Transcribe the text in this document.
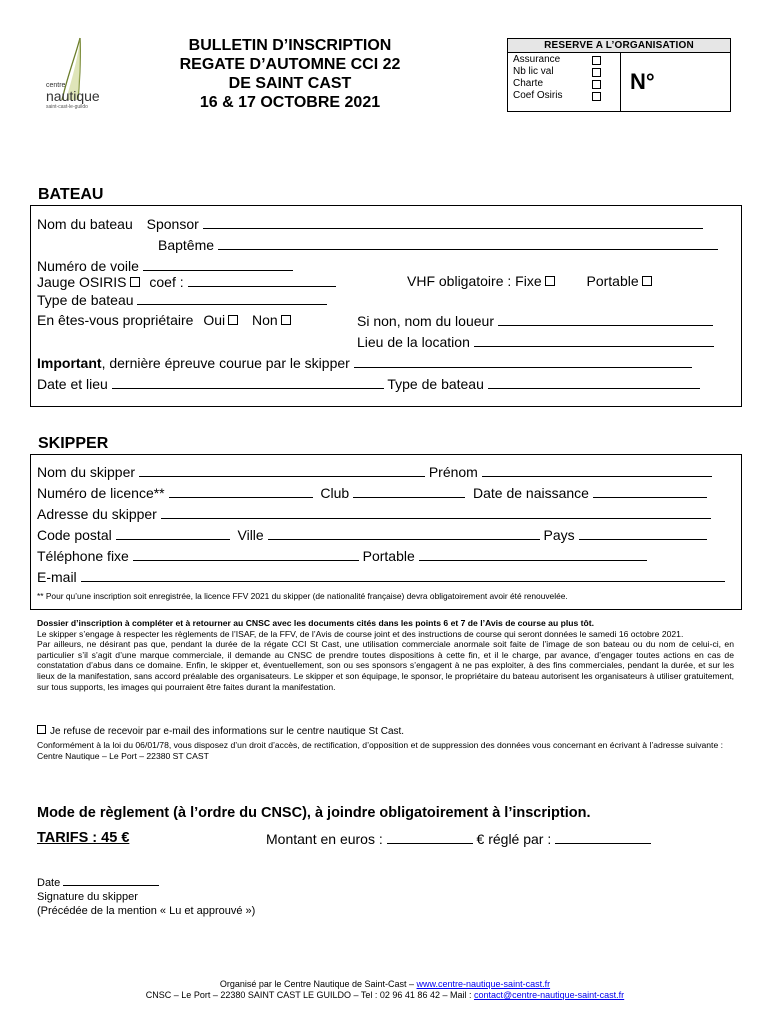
centre
nautique
saint-cast-le-guildo
BULLETIN D’INSCRIPTION
REGATE D’AUTOMNE CCI 22
DE SAINT CAST
16 & 17 OCTOBRE 2021
RESERVE A L’ORGANISATION
Assurance
Nb lic val
Charte
Coef Osiris
N°
BATEAU
Nom du bateau Sponsor
Baptême
Numéro de voile
Jauge OSIRIS coef :	VHF obligatoire : Fixe	Portable
Type de bateau
En êtes-vous propriétaire Oui Non	Si non, nom du loueur
Lieu de la location
Important, dernière épreuve courue par le skipper
Date et lieu	Type de bateau
SKIPPER
Nom du skipper	Prénom
Numéro de licence**	Club	Date de naissance
Adresse du skipper
Code postal	Ville	Pays
Téléphone fixe	Portable
E-mail
** Pour qu’une inscription soit enregistrée, la licence FFV 2021 du skipper (de nationalité française) devra obligatoirement avoir été renouvelée.
Dossier d’inscription à compléter et à retourner au CNSC avec les documents cités dans les points 6 et 7 de l’Avis de course au plus tôt.
Le skipper s’engage à respecter les règlements de l’ISAF, de la FFV, de l’Avis de course joint et des instructions de course qui seront données le samedi 16 octobre 2021.
Par ailleurs, ne désirant pas que, pendant la durée de la régate CCI St Cast, une utilisation commerciale anormale soit faite de l’image de son bateau ou du nom de celui-ci, en particulier s’il s’agit d’une marque commerciale, il demande au CNSC de prendre toutes dispositions à cette fin, et il le charge, par avance, d’engager toutes actions en cas de constatation d’abus dans ce domaine. Enfin, le skipper et, éventuellement, son ou ses sponsors s’engagent à ne pas exploiter, à des fins commerciales, pendant la durée, et sur les lieux de la manifestation, sans accord préalable des organisateurs. Le skipper et son équipage, le sponsor, le propriétaire du bateau autorisent les organisateurs à utiliser gratuitement, sur tous supports, les images qui pourraient être faites durant la manifestation.
Je refuse de recevoir par e-mail des informations sur le centre nautique St Cast.
Conformément à la loi du 06/01/78, vous disposez d’un droit d’accès, de rectification, d’opposition et de suppression des données vous concernant en écrivant à l’adresse suivante : Centre Nautique – Le Port – 22380 ST CAST
Mode de règlement (à l’ordre du CNSC), à joindre obligatoirement à l’inscription.
TARIFS : 45 €	Montant en euros :	€ réglé par :
Date
Signature du skipper
(Précédée de la mention « Lu et approuvé »)
Organisé par le Centre Nautique de Saint-Cast – www.centre-nautique-saint-cast.fr
CNSC – Le Port – 22380 SAINT CAST LE GUILDO – Tel : 02 96 41 86 42 – Mail : contact@centre-nautique-saint-cast.fr
